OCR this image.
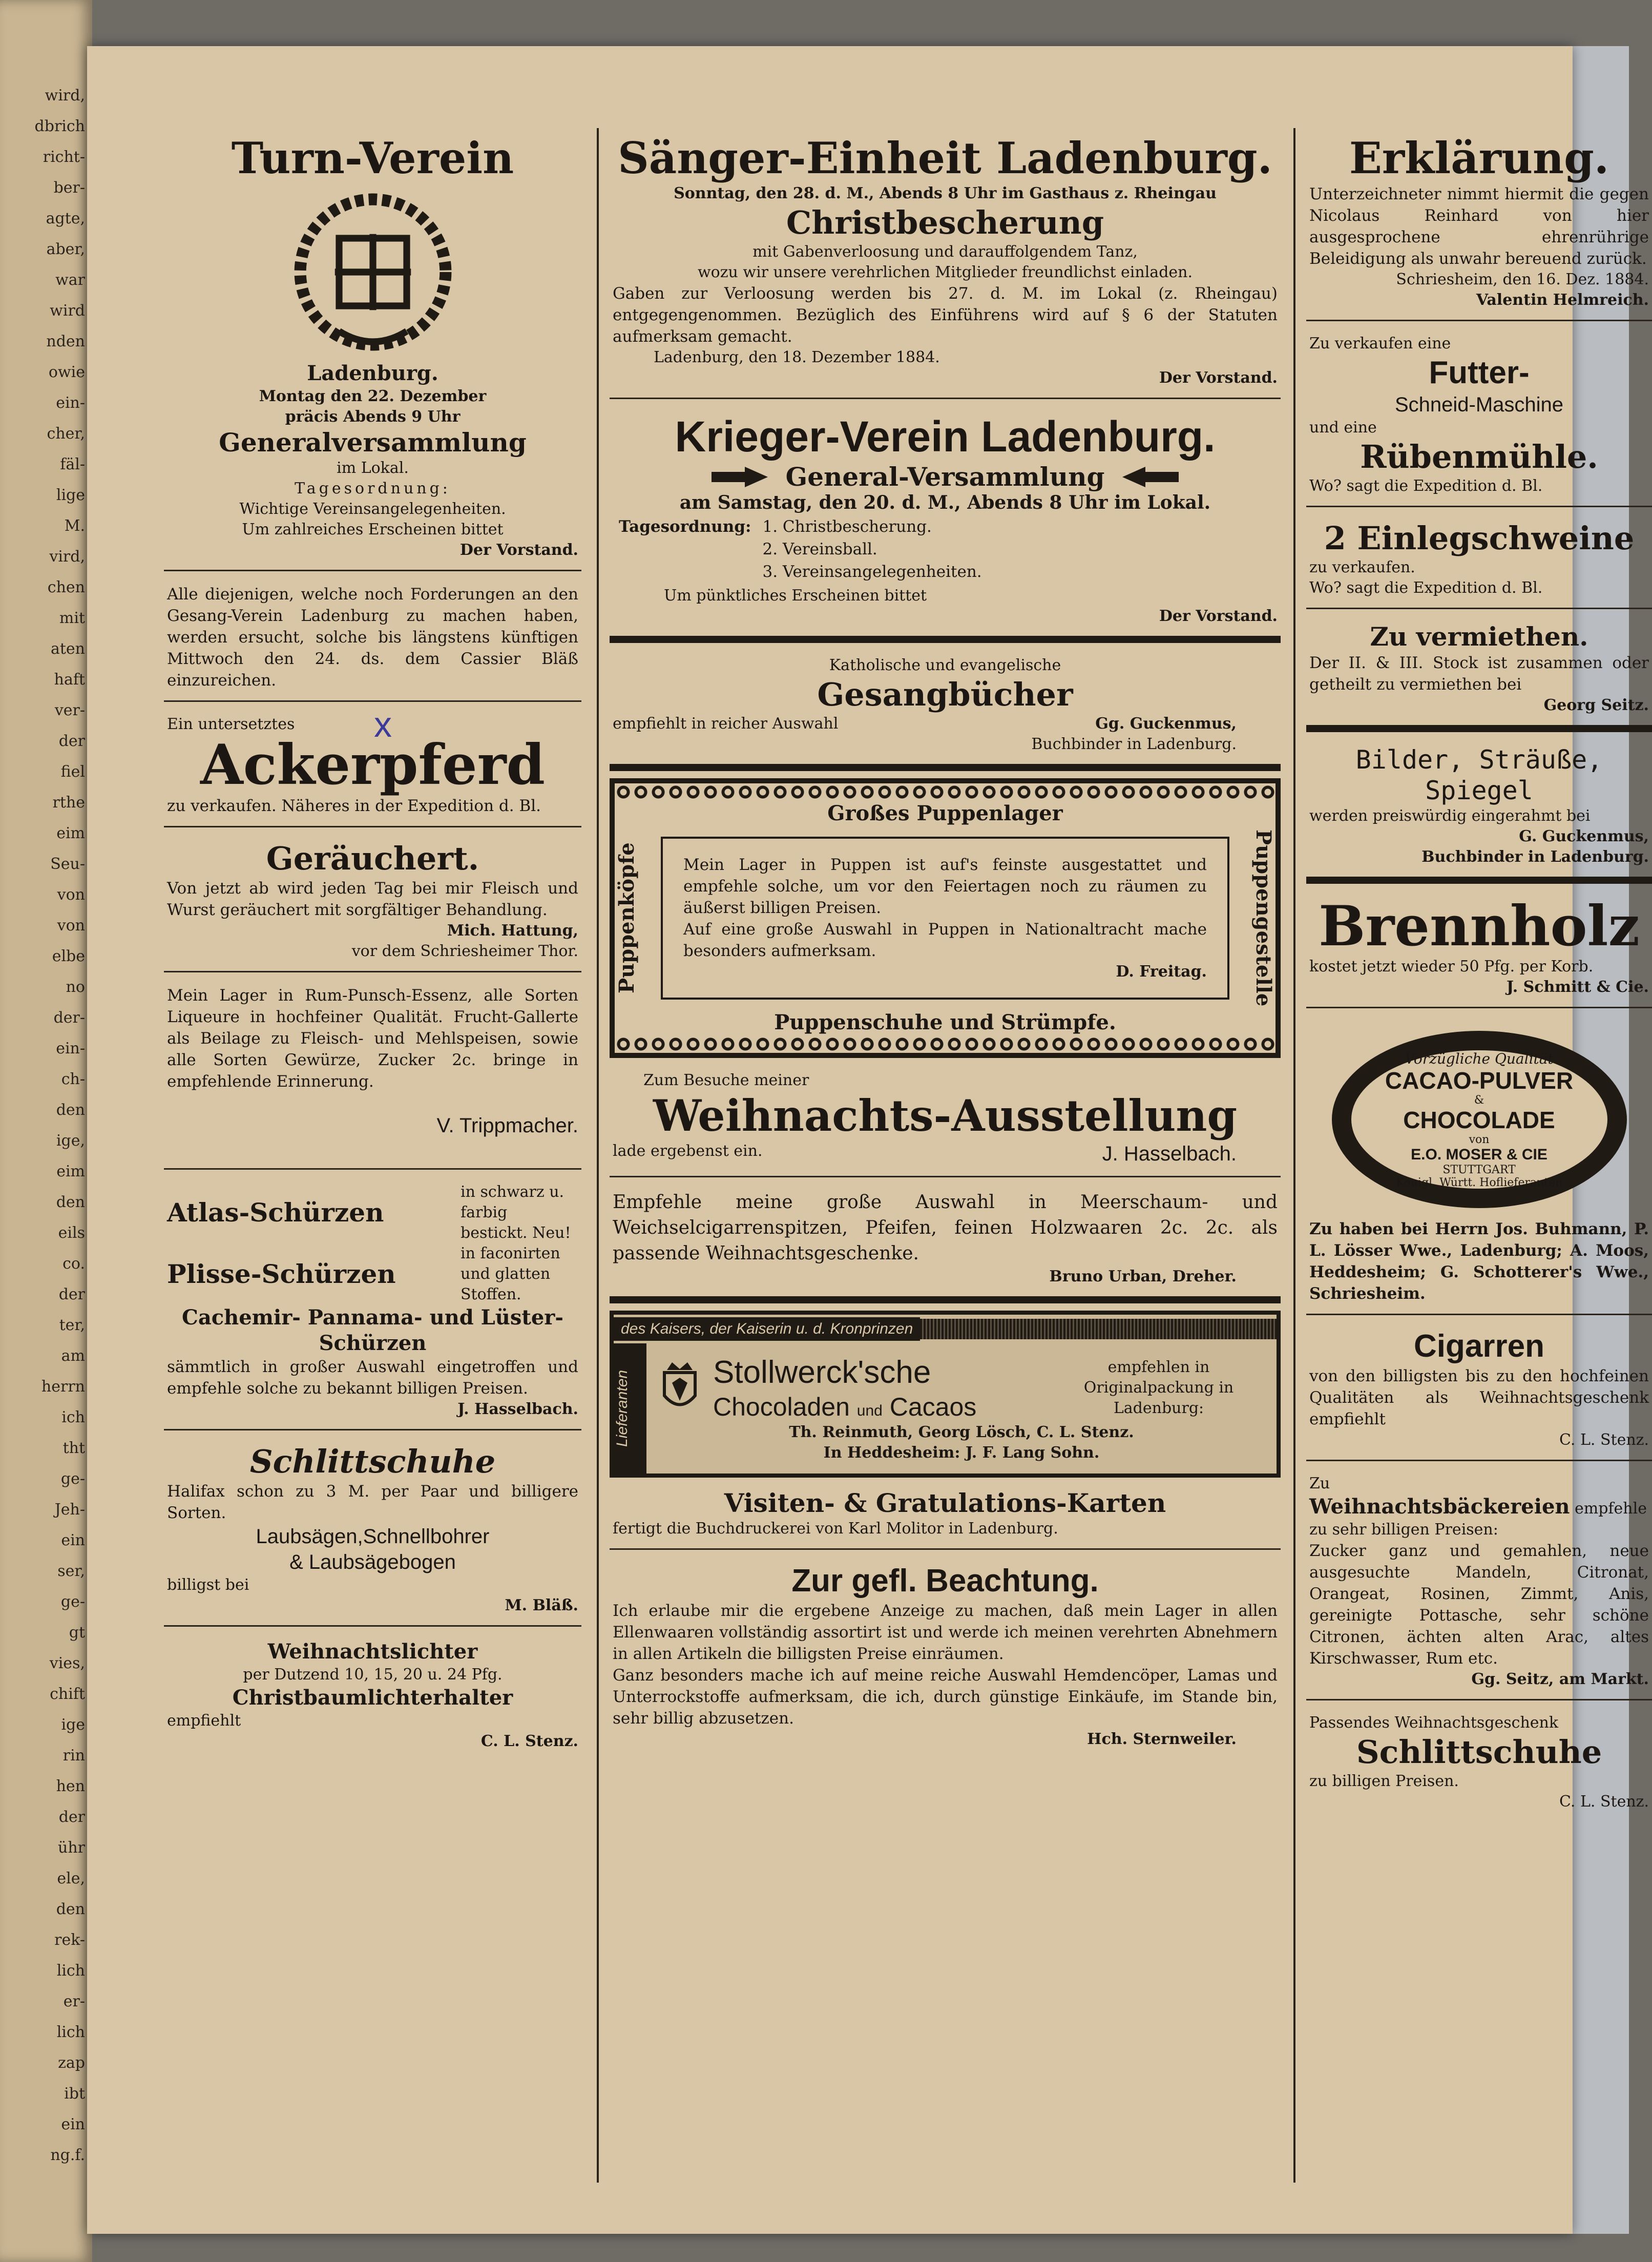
wird,
dbrich
richt-
ber-
agte,
aber,
war
wird
nden
owie
ein-
cher,
fäl-
lige
M.
vird,
chen
mit
aten
haft
ver-
der
fiel
rthe
eim
Seu-
von
von
elbe
no
der-
ein-
ch-
den
ige,
eim
den
eils
co.
der
ter,
am
herrn
ich
tht
ge-
Jeh-
ein
ser,
ge-
gt
vies,
chift
ige
rin
hen
der
ühr
ele,
den
rek-
lich
er-
lich
zap
ibt
ein
ng.f.

Turn-Verein

Ladenburg.

Montag den 22. Dezember

präcis Abends 9 Uhr

Generalversammlung

im Lokal.

Tagesordnung:

Wichtige Vereinsangelegenheiten.

Um zahlreiches Erscheinen bittet

Der Vorstand.

Alle diejenigen, welche noch Forderungen an den Gesang-Verein Ladenburg zu machen haben, werden ersucht, solche bis längstens künftigen Mittwoch den 24. ds. dem Cassier Bläß einzureichen.

Ein untersetztes	x

Ackerpferd

zu verkaufen. Näheres in der Expedition d. Bl.

Geräuchert.

Von jetzt ab wird jeden Tag bei mir Fleisch und Wurst geräuchert mit sorgfältiger Behandlung.

Mich. Hattung,

vor dem Schriesheimer Thor.

Mein Lager in Rum-Punsch-Essenz, alle Sorten Liqueure in hochfeiner Qualität. Frucht-Gallerte als Beilage zu Fleisch- und Mehlspeisen, sowie alle Sorten Gewürze, Zucker 2c. bringe in empfehlende Erinnerung.

V. Trippmacher.

Atlas-Schürzen
in schwarz u. farbig bestickt. Neu!
Plisse-Schürzen
in faconirten und glatten Stoffen.

Cachemir- Pannama- und Lüster-Schürzen

sämmtlich in großer Auswahl eingetroffen und empfehle solche zu bekannt billigen Preisen.

J. Hasselbach.

Schlittschuhe

Halifax schon zu 3 M. per Paar und billigere Sorten.

Laubsägen,Schnellbohrer

& Laubsägebogen

billigst bei

M. Bläß.

Weihnachtslichter

per Dutzend 10, 15, 20 u. 24 Pfg.

Christbaumlichterhalter

empfiehlt

C. L. Stenz.

Sänger-Einheit Ladenburg.

Sonntag, den 28. d. M., Abends 8 Uhr im Gasthaus z. Rheingau

Christbescherung

mit Gabenverloosung und darauffolgendem Tanz,

wozu wir unsere verehrlichen Mitglieder freundlichst einladen.

Gaben zur Verloosung werden bis 27. d. M. im Lokal (z. Rheingau) entgegengenommen. Bezüglich des Einführens wird auf § 6 der Statuten aufmerksam gemacht.

Ladenburg, den 18. Dezember 1884.

Der Vorstand.

Krieger-Verein Ladenburg.

General-Versammlung

am Samstag, den 20. d. M., Abends 8 Uhr im Lokal.

Tagesordnung:	1. Christbescherung.
	2. Vereinsball.
	3. Vereinsangelegenheiten.

Um pünktliches Erscheinen bittet

Der Vorstand.

Katholische und evangelische

Gesangbücher

empfiehlt in reicher Auswahl	Gg. Guckenmus,

Buchbinder in Ladenburg.

Großes Puppenlager

Puppenköpfe	Mein Lager in Puppen ist auf's feinste ausgestattet und empfehle solche, um vor den Feiertagen noch zu räumen zu äußerst billigen Preisen.

Auf eine große Auswahl in Puppen in Nationaltracht mache besonders aufmerksam.

D. Freitag.	Puppengestelle

Puppenschuhe und Strümpfe.

Zum Besuche meiner

Weihnachts-Ausstellung

lade ergebenst ein.	J. Hasselbach.

Empfehle meine große Auswahl in Meerschaum- und Weichselcigarrenspitzen, Pfeifen, feinen Holzwaaren 2c. 2c. als passende Weihnachtsgeschenke.

Bruno Urban, Dreher.

des Kaisers, der Kaiserin u. d. Kronprinzen
Lieferanten	Stollwerck'sche

Chocoladen und Cacaos

empfehlen in Originalpackung in Ladenburg:

Th. Reinmuth, Georg Lösch, C. L. Stenz.

In Heddesheim: J. F. Lang Sohn.

Visiten- & Gratulations-Karten

fertigt die Buchdruckerei von Karl Molitor in Ladenburg.

Zur gefl. Beachtung.

Ich erlaube mir die ergebene Anzeige zu machen, daß mein Lager in allen Ellenwaaren vollständig assortirt ist und werde ich meinen verehrten Abnehmern in allen Artikeln die billigsten Preise einräumen.

Ganz besonders mache ich auf meine reiche Auswahl Hemdencöper, Lamas und Unterrockstoffe aufmerksam, die ich, durch günstige Einkäufe, im Stande bin, sehr billig abzusetzen.

Hch. Sternweiler.

Erklärung.

Unterzeichneter nimmt hiermit die gegen Nicolaus Reinhard von hier ausgesprochene ehrenrührige Beleidigung als unwahr bereuend zurück.

Schriesheim, den 16. Dez. 1884.

Valentin Helmreich.

Zu verkaufen eine

Futter-

Schneid-Maschine

und eine

Rübenmühle.

Wo? sagt die Expedition d. Bl.

2 Einlegschweine

zu verkaufen.

Wo? sagt die Expedition d. Bl.

Zu vermiethen.

Der II. & III. Stock ist zusammen oder getheilt zu vermiethen bei

Georg Seitz.

Bilder, Sträuße,

Spiegel

werden preiswürdig eingerahmt bei

G. Guckenmus,

Buchbinder in Ladenburg.

Brennholz

kostet jetzt wieder 50 Pfg. per Korb.

J. Schmitt & Cie.

Vorzügliche Qualität
CACAO-PULVER
&
CHOCOLADE
von
E.O. MOSER & CIE
STUTTGART
Königl. Württ. Hoflieferanten

Zu haben bei Herrn Jos. Buhmann, P. L. Lösser Wwe., Ladenburg; A. Moos, Heddesheim; G. Schotterer's Wwe., Schriesheim.

Cigarren

von den billigsten bis zu den hochfeinen Qualitäten als Weihnachtsgeschenk empfiehlt

C. L. Stenz.

Zu

Weihnachtsbäckereien empfehle zu sehr billigen Preisen:

Zucker ganz und gemahlen, neue ausgesuchte Mandeln, Citronat, Orangeat, Rosinen, Zimmt, Anis, gereinigte Pottasche, sehr schöne Citronen, ächten alten Arac, altes Kirschwasser, Rum etc.

Gg. Seitz, am Markt.

Passendes Weihnachtsgeschenk

Schlittschuhe

zu billigen Preisen.

C. L. Stenz.
